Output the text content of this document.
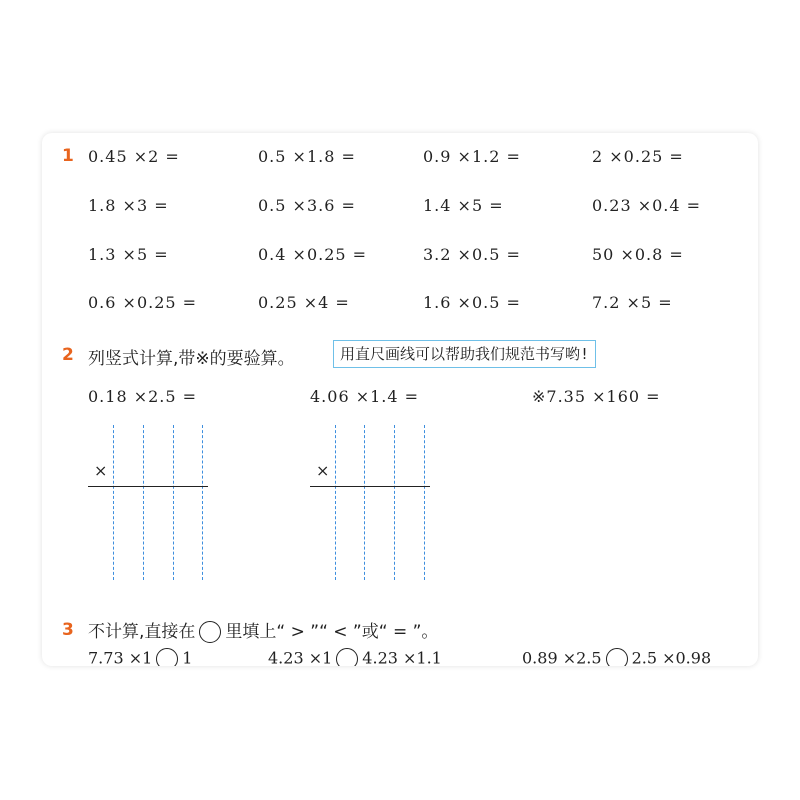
1 0.45 ×2 =	0.5 ×1.8 =	0.9 ×1.2 =	2 ×0.25 =
1.8 ×3 =	0.5 ×3.6 =	1.4 ×5 =	0.23 ×0.4 =
1.3 ×5 =	0.4 ×0.25 =	3.2 ×0.5 =	50 ×0.8 =
0.6 ×0.25 =	0.25 ×4 =	1.6 ×0.5 =	7.2 ×5 =
2 列竖式计算,带※的要验算。	用直尺画线可以帮助我们规范书写哟!
0.18 ×2.5 =	4.06 ×1.4 =	※7.35 ×160 =
×	×
3 不计算,直接在 里填上“ > ”“ < ”或“ = ”。
7.73 ×1 1	4.23 ×1 4.23 ×1.1	0.89 ×2.5 2.5 ×0.98
